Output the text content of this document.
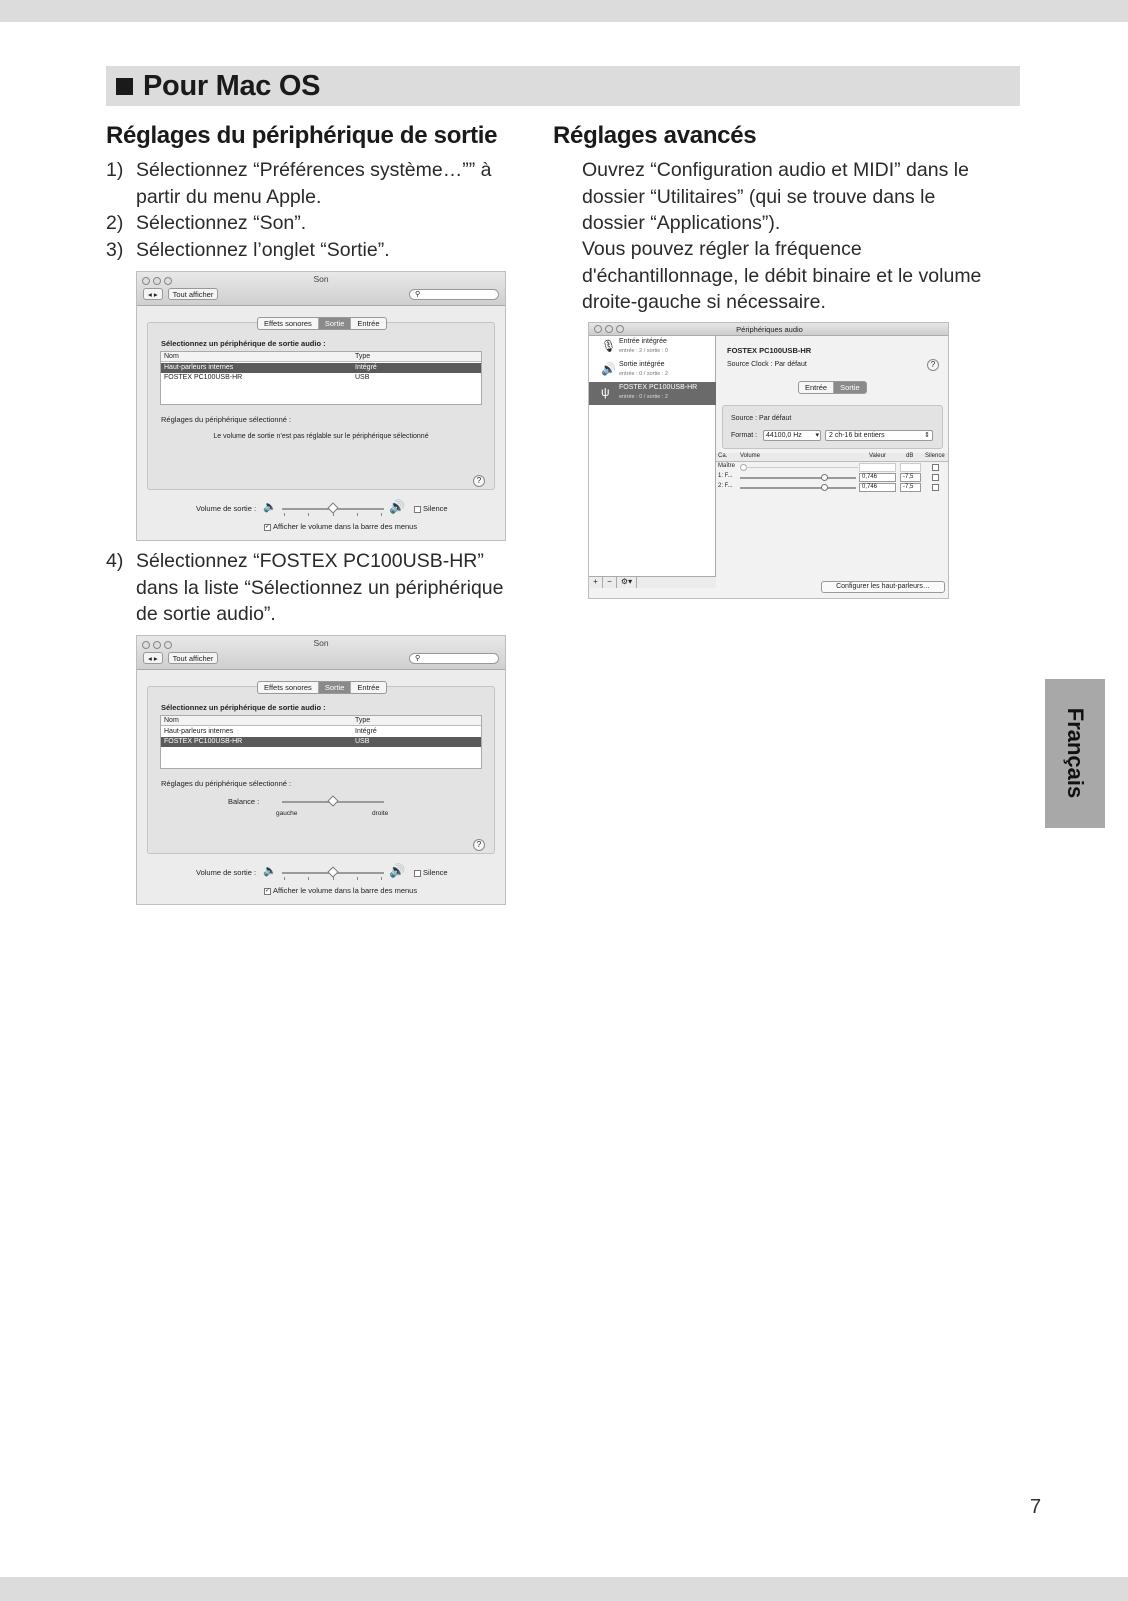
Pour Mac OS
Réglages du périphérique de sortie Réglages avancés
1) Sélectionnez “Préférences système…”” à partir du menu Apple.
2) Sélectionnez “Son”.
3) Sélectionnez l’onglet “Sortie”.
Son
◂ ▸	Tout afficher	⚲
Effets sonores	Sortie	Entrée
Sélectionnez un périphérique de sortie audio :
Nom	Type
Haut-parleurs internes	Intégré
FOSTEX PC100USB-HR	USB
Réglages du périphérique sélectionné :
Le volume de sortie n’est pas réglable sur le périphérique sélectionné
?
Volume de sortie : 🔈	🔊	Silence
✓ Afficher le volume dans la barre des menus
4) Sélectionnez “FOSTEX PC100USB-HR” dans la liste “Sélectionnez un périphérique de sortie audio”.
Son
◂ ▸	Tout afficher	⚲
Effets sonores	Sortie	Entrée
Sélectionnez un périphérique de sortie audio :
Nom	Type
Haut-parleurs internes	Intégré
FOSTEX PC100USB-HR	USB
Réglages du périphérique sélectionné :
Balance :
gauche	droite
?
Volume de sortie : 🔈	🔊	Silence
✓ Afficher le volume dans la barre des menus
Ouvrez “Configuration audio et MIDI” dans le dossier “Utilitaires” (qui se trouve dans le dossier “Applications”).
Vous pouvez régler la fréquence d'échantillonnage, le débit binaire et le volume droite-gauche si nécessaire.
Périphériques audio
🎙 Entrée intégrée
entrée : 2 / sortie : 0
🔊 Sortie intégrée
entrée : 0 / sortie : 2
ψ FOSTEX PC100USB-HR
entrée : 0 / sortie : 2
+	−	⚙▾
FOSTEX PC100USB-HR
Source Clock : Par défaut	?
Entrée	Sortie
Source : Par défaut
Format :	44100,0 Hz ▾	2 ch-16 bit entiers	⇕
Ca. Volume	Valeur	dB Silence
Maître
1: F...	0,746	-7,5
2: F...	0,746	-7,5
Configurer les haut-parleurs…
Français
7
